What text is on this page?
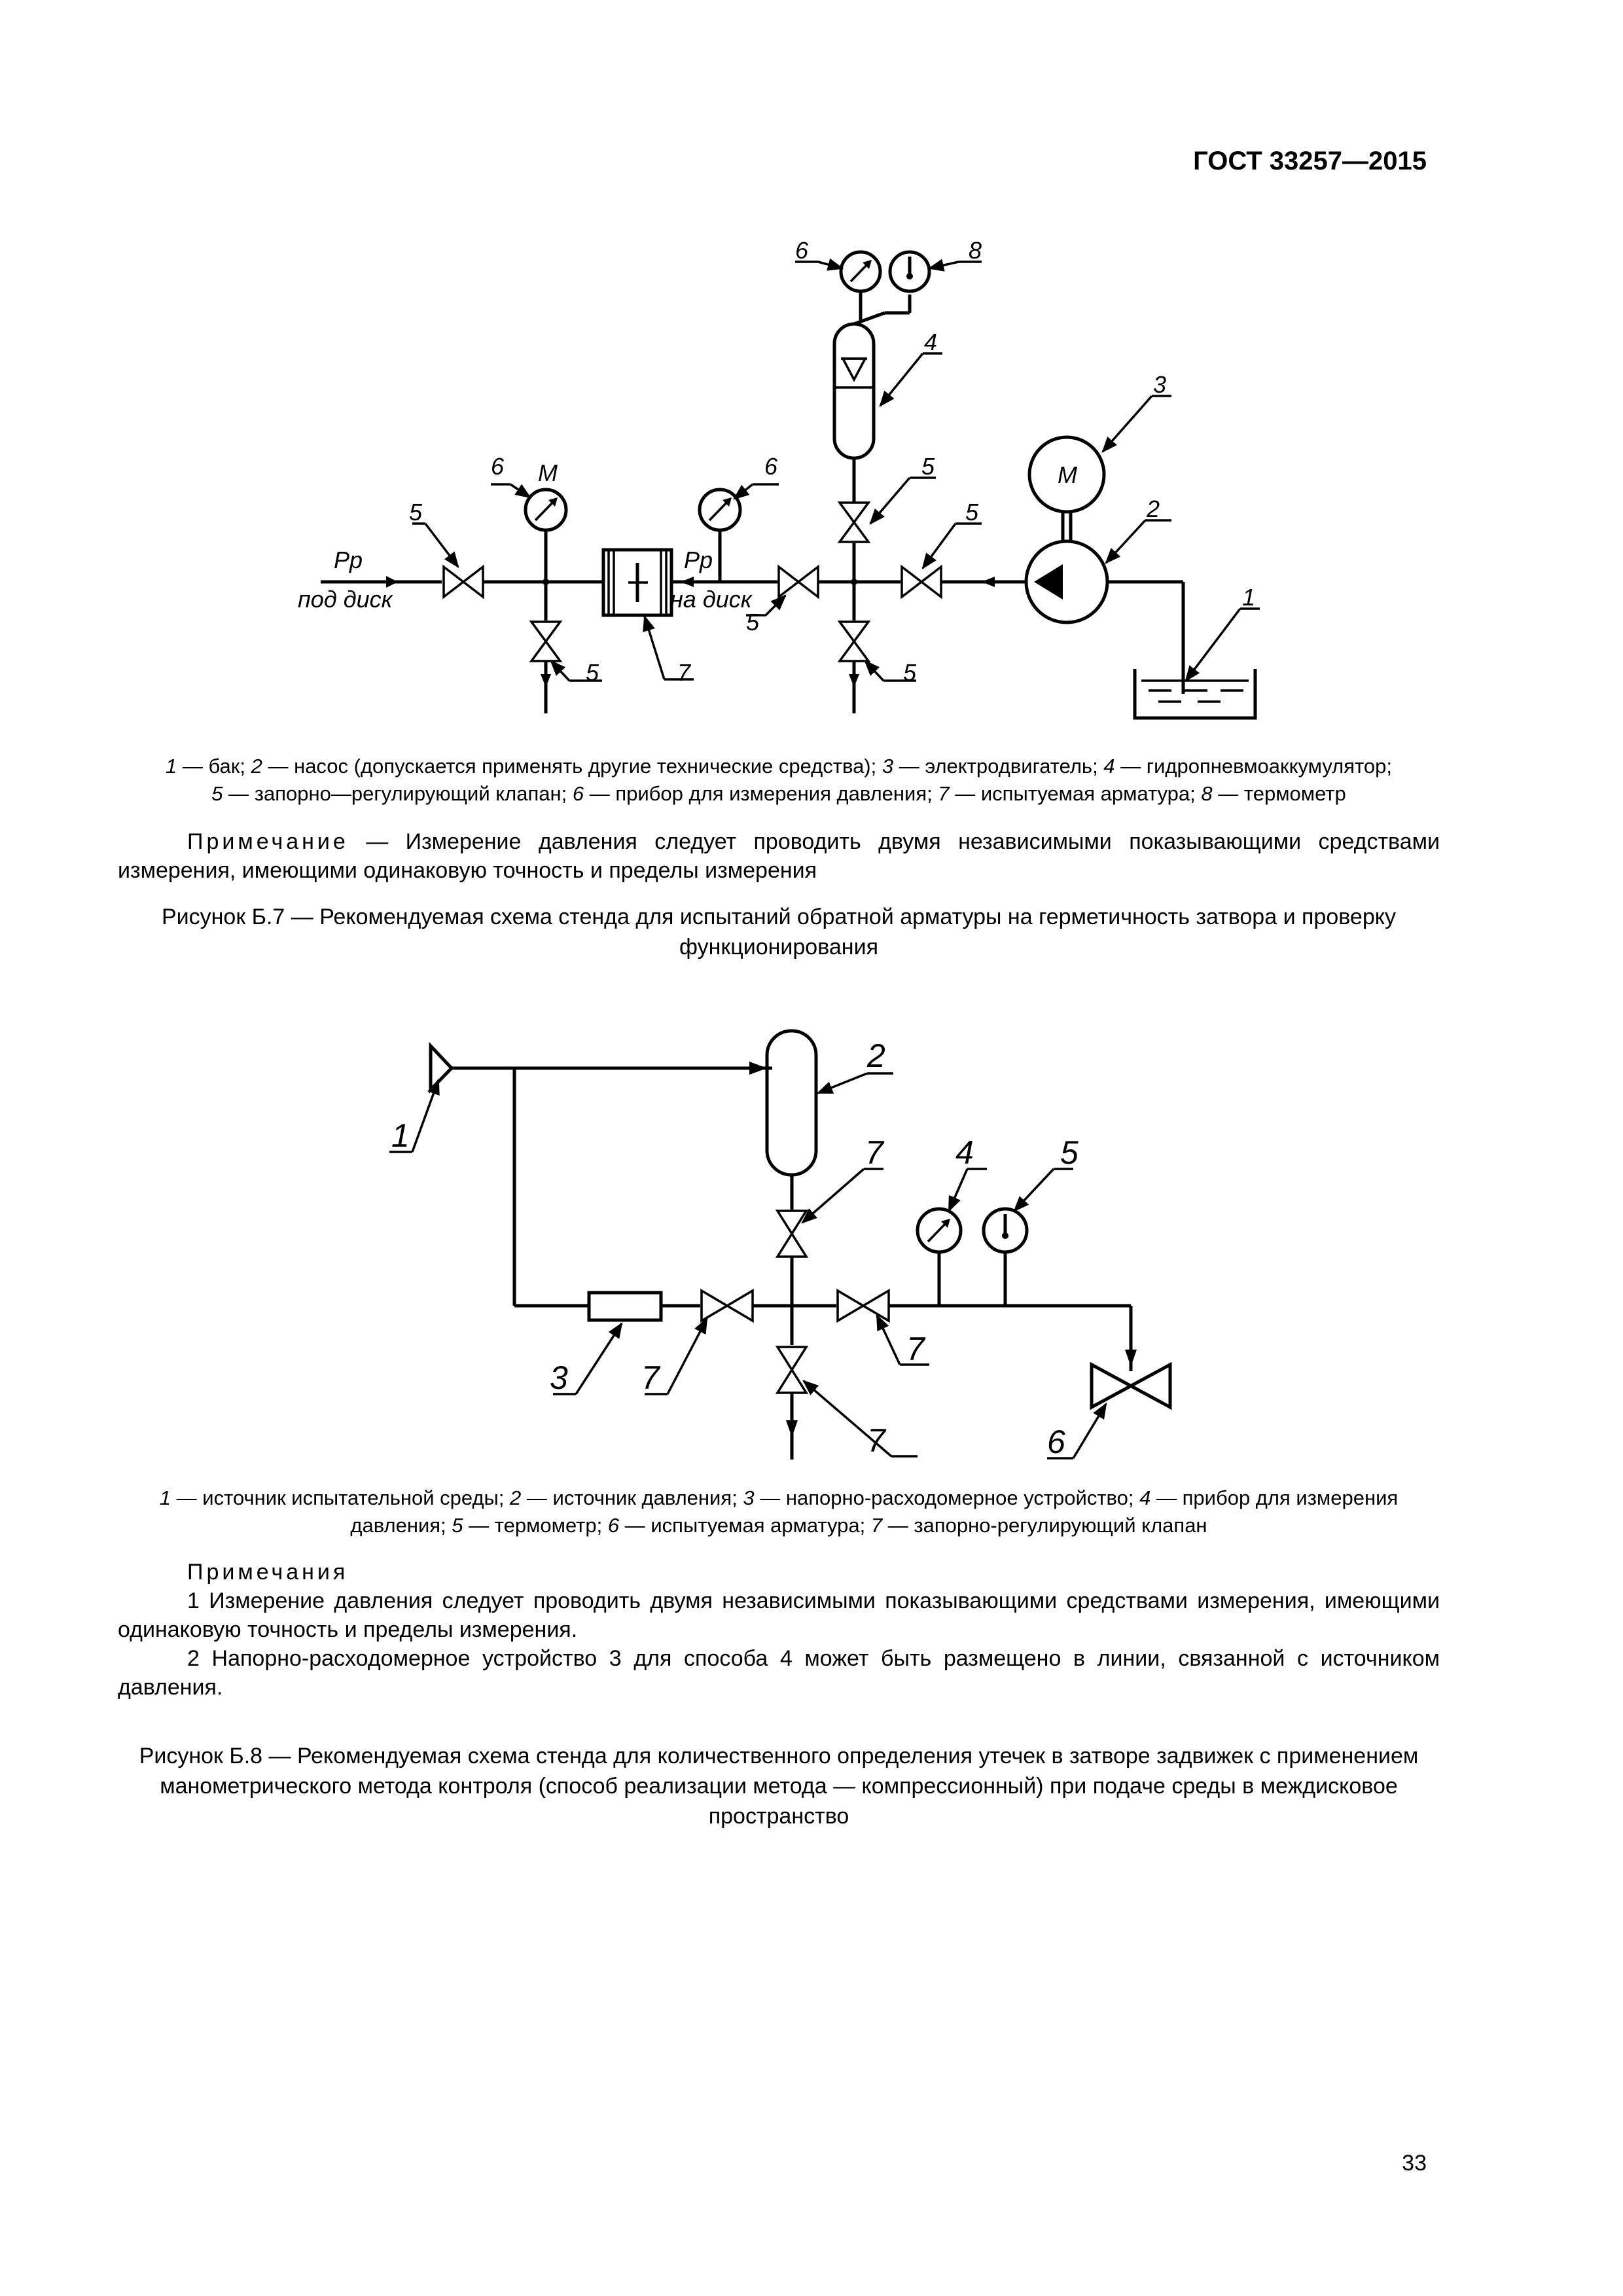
ГОСТ 33257—2015
Pp
под диск
Pp
на диск
M	M
5
6
5	7
6
5
5
5
5
4
6	8
3
2
1
1 — бак; 2 — насос (допускается применять другие технические средства); 3 — электродвигатель; 4 — гидропневмоаккумулятор;
5 — запорно—регулирующий клапан; 6 — прибор для измерения давления; 7 — испытуемая арматура; 8 — термометр

Примечание — Измерение давления следует проводить двумя независимыми показывающими средствами измерения, имеющими одинаковую точность и пределы измерения

Рисунок Б.7 — Рекомендуемая схема стенда для испытаний обратной арматуры на герметичность затвора и проверку функционирования
1
2
7 4	5
3 7
7
7	6
1 — источник испытательной среды; 2 — источник давления; 3 — напорно-расходомерное устройство; 4 — прибор для измерения давления; 5 — термометр; 6 — испытуемая арматура; 7 — запорно-регулирующий клапан

Примечания

1 Измерение давления следует проводить двумя независимыми показывающими средствами измерения, имеющими одинаковую точность и пределы измерения.

2 Напорно-расходомерное устройство 3 для способа 4 может быть размещено в линии, связанной с источником давления.

Рисунок Б.8 — Рекомендуемая схема стенда для количественного определения утечек в затворе задвижек с применением манометрического метода контроля (способ реализации метода — компрессионный) при подаче среды в междисковое пространство
33
